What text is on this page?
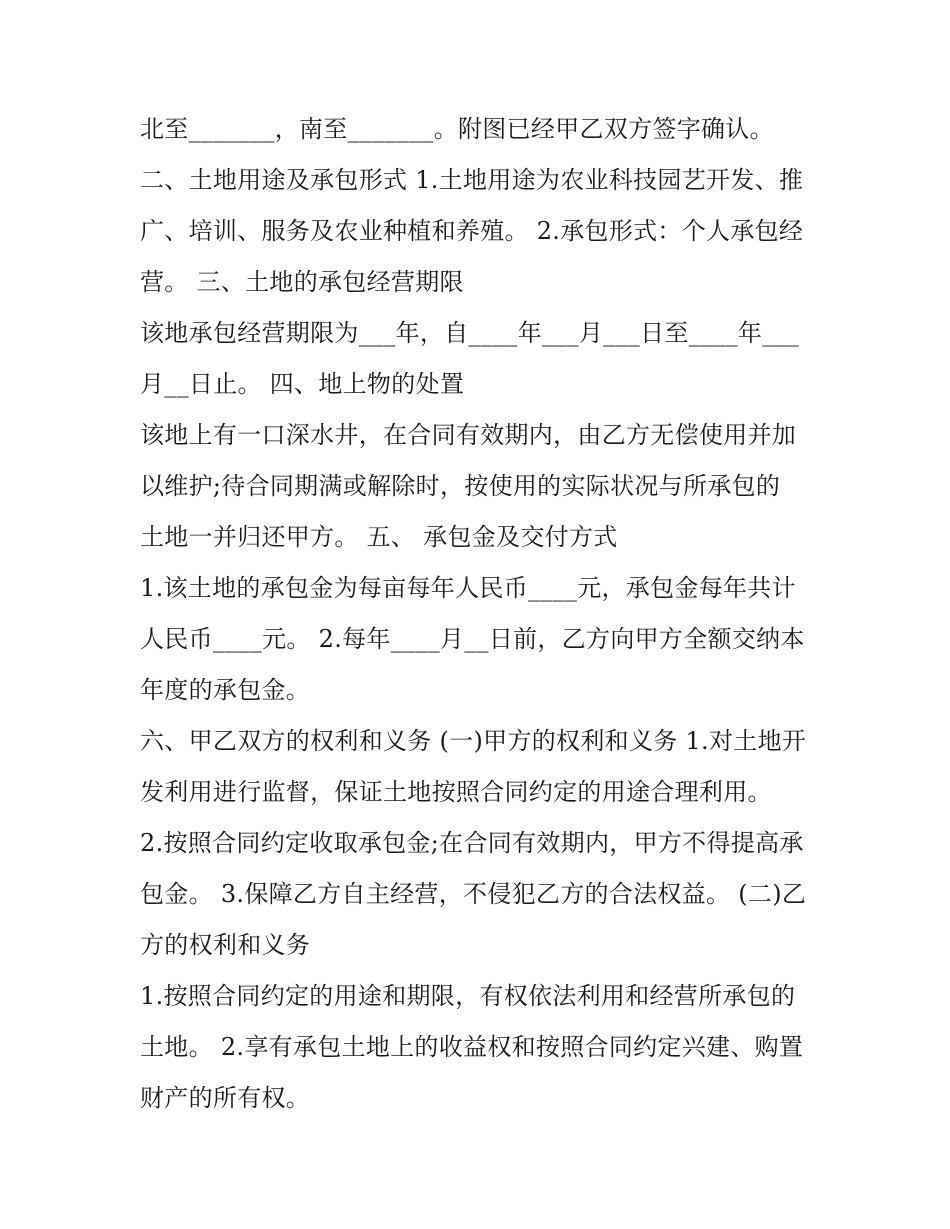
北至_______，南至_______。附图已经甲乙双方签字确认。
二、土地用途及承包形式 1.土地用途为农业科技园艺开发、推
广、培训、服务及农业种植和养殖。 2.承包形式：个人承包经
营。 三、土地的承包经营期限
该地承包经营期限为___年，自____年___月___日至____年___
月__日止。 四、地上物的处置
该地上有一口深水井，在合同有效期内，由乙方无偿使用并加
以维护;待合同期满或解除时，按使用的实际状况与所承包的
土地一并归还甲方。 五、 承包金及交付方式
1.该土地的承包金为每亩每年人民币____元，承包金每年共计
人民币____元。 2.每年____月__日前，乙方向甲方全额交纳本
年度的承包金。
六、甲乙双方的权利和义务 (一)甲方的权利和义务 1.对土地开
发利用进行监督，保证土地按照合同约定的用途合理利用。
2.按照合同约定收取承包金;在合同有效期内，甲方不得提高承
包金。 3.保障乙方自主经营，不侵犯乙方的合法权益。 (二)乙
方的权利和义务
1.按照合同约定的用途和期限，有权依法利用和经营所承包的
土地。 2.享有承包土地上的收益权和按照合同约定兴建、购置
财产的所有权。
